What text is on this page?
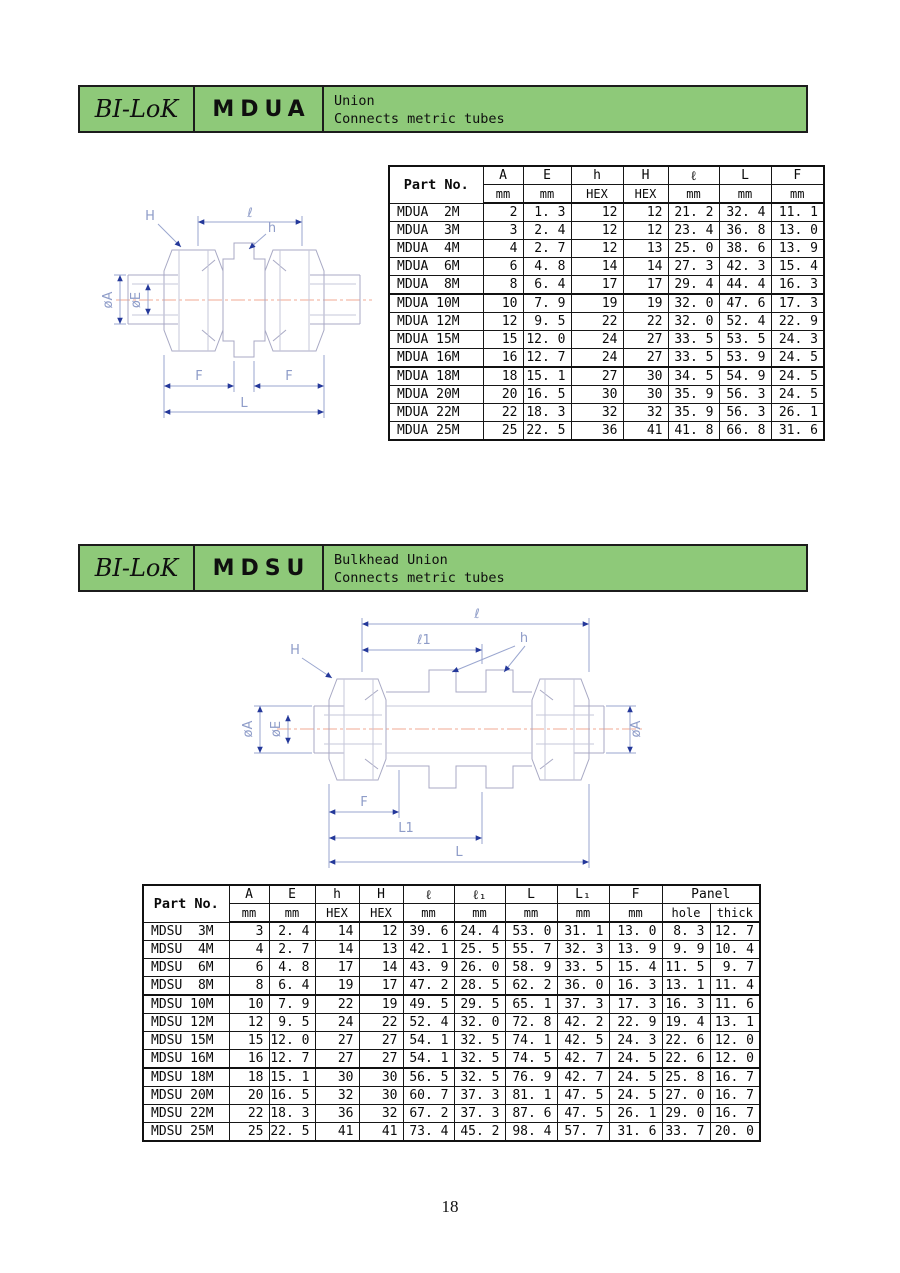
BI-LoK	MDUA	Union
Connects metric tubes
ℓ
H
h
øA øE
F	F
L
Part No.	A	E	h	H	ℓ	L	F
	mm	mm	HEX	HEX	mm	mm	mm
MDUA  2M	2	1. 3	12	12	21. 2	32. 4	11. 1
MDUA  3M	3	2. 4	12	12	23. 4	36. 8	13. 0
MDUA  4M	4	2. 7	12	13	25. 0	38. 6	13. 9
MDUA  6M	6	4. 8	14	14	27. 3	42. 3	15. 4
MDUA  8M	8	6. 4	17	17	29. 4	44. 4	16. 3
MDUA 10M	10	7. 9	19	19	32. 0	47. 6	17. 3
MDUA 12M	12	9. 5	22	22	32. 0	52. 4	22. 9
MDUA 15M	15	12. 0	24	27	33. 5	53. 5	24. 3
MDUA 16M	16	12. 7	24	27	33. 5	53. 9	24. 5
MDUA 18M	18	15. 1	27	30	34. 5	54. 9	24. 5
MDUA 20M	20	16. 5	30	30	35. 9	56. 3	24. 5
MDUA 22M	22	18. 3	32	32	35. 9	56. 3	26. 1
MDUA 25M	25	22. 5	36	41	41. 8	66. 8	31. 6
BI-LoK	MDSU	Bulkhead Union
Connects metric tubes
ℓ
ℓ1
H
h
øA øE	øA
F
L1
L
Part No.	A	E	h	H	ℓ	ℓ₁	L	L₁	F	Panel	
	mm	mm	HEX	HEX	mm	mm	mm	mm	mm	hole	thick
MDSU  3M	3	2. 4	14	12	39. 6	24. 4	53. 0	31. 1	13. 0	8. 3	12. 7
MDSU  4M	4	2. 7	14	13	42. 1	25. 5	55. 7	32. 3	13. 9	9. 9	10. 4
MDSU  6M	6	4. 8	17	14	43. 9	26. 0	58. 9	33. 5	15. 4	11. 5	9. 7
MDSU  8M	8	6. 4	19	17	47. 2	28. 5	62. 2	36. 0	16. 3	13. 1	11. 4
MDSU 10M	10	7. 9	22	19	49. 5	29. 5	65. 1	37. 3	17. 3	16. 3	11. 6
MDSU 12M	12	9. 5	24	22	52. 4	32. 0	72. 8	42. 2	22. 9	19. 4	13. 1
MDSU 15M	15	12. 0	27	27	54. 1	32. 5	74. 1	42. 5	24. 3	22. 6	12. 0
MDSU 16M	16	12. 7	27	27	54. 1	32. 5	74. 5	42. 7	24. 5	22. 6	12. 0
MDSU 18M	18	15. 1	30	30	56. 5	32. 5	76. 9	42. 7	24. 5	25. 8	16. 7
MDSU 20M	20	16. 5	32	30	60. 7	37. 3	81. 1	47. 5	24. 5	27. 0	16. 7
MDSU 22M	22	18. 3	36	32	67. 2	37. 3	87. 6	47. 5	26. 1	29. 0	16. 7
MDSU 25M	25	22. 5	41	41	73. 4	45. 2	98. 4	57. 7	31. 6	33. 7	20. 0
18
